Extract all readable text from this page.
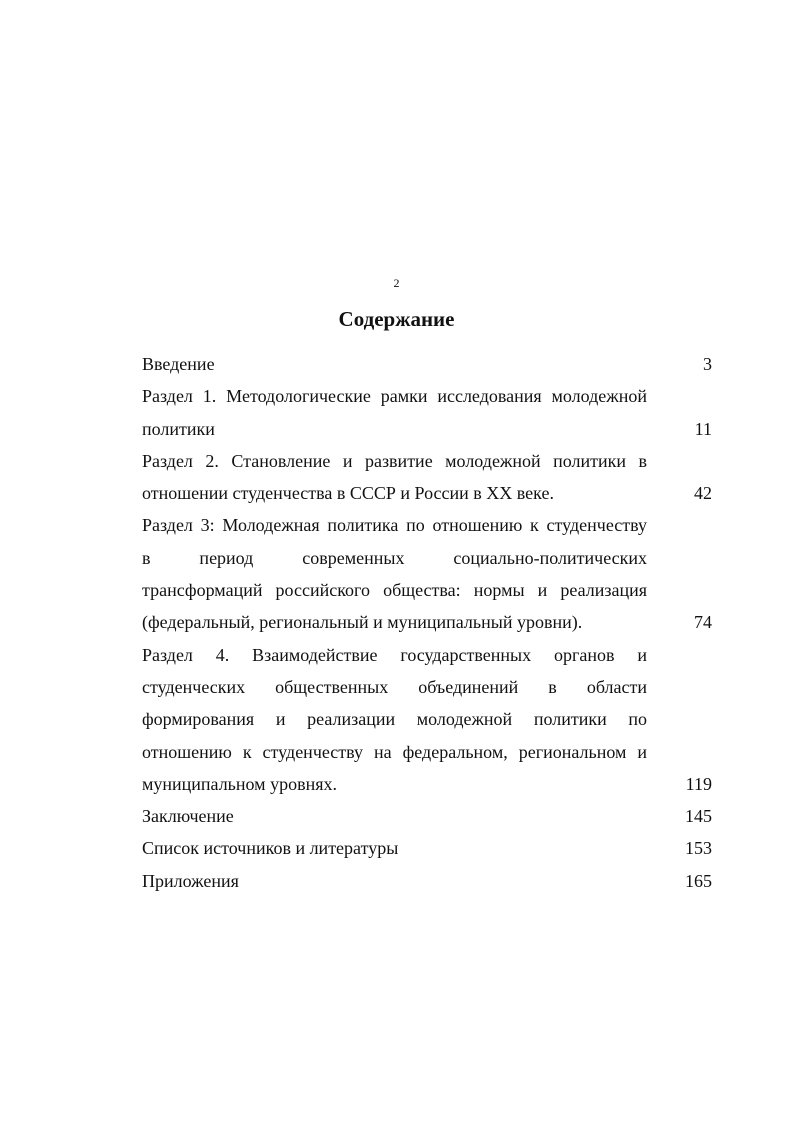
2
Содержание
Введение	3
Раздел 1. Методологические рамки исследования молодежной
политики	11
Раздел 2. Становление и развитие молодежной политики в
отношении студенчества в СССР и России в XX веке.	42
Раздел 3: Молодежная политика по отношению к студенчеству
в период современных социально-политических
трансформаций российского общества: нормы и реализация
(федеральный, региональный и муниципальный уровни).	74
Раздел 4. Взаимодействие государственных органов и
студенческих общественных объединений в области
формирования и реализации молодежной политики по
отношению к студенчеству на федеральном, региональном и
муниципальном уровнях.	119
Заключение	145
Список источников и литературы	153
Приложения	165
